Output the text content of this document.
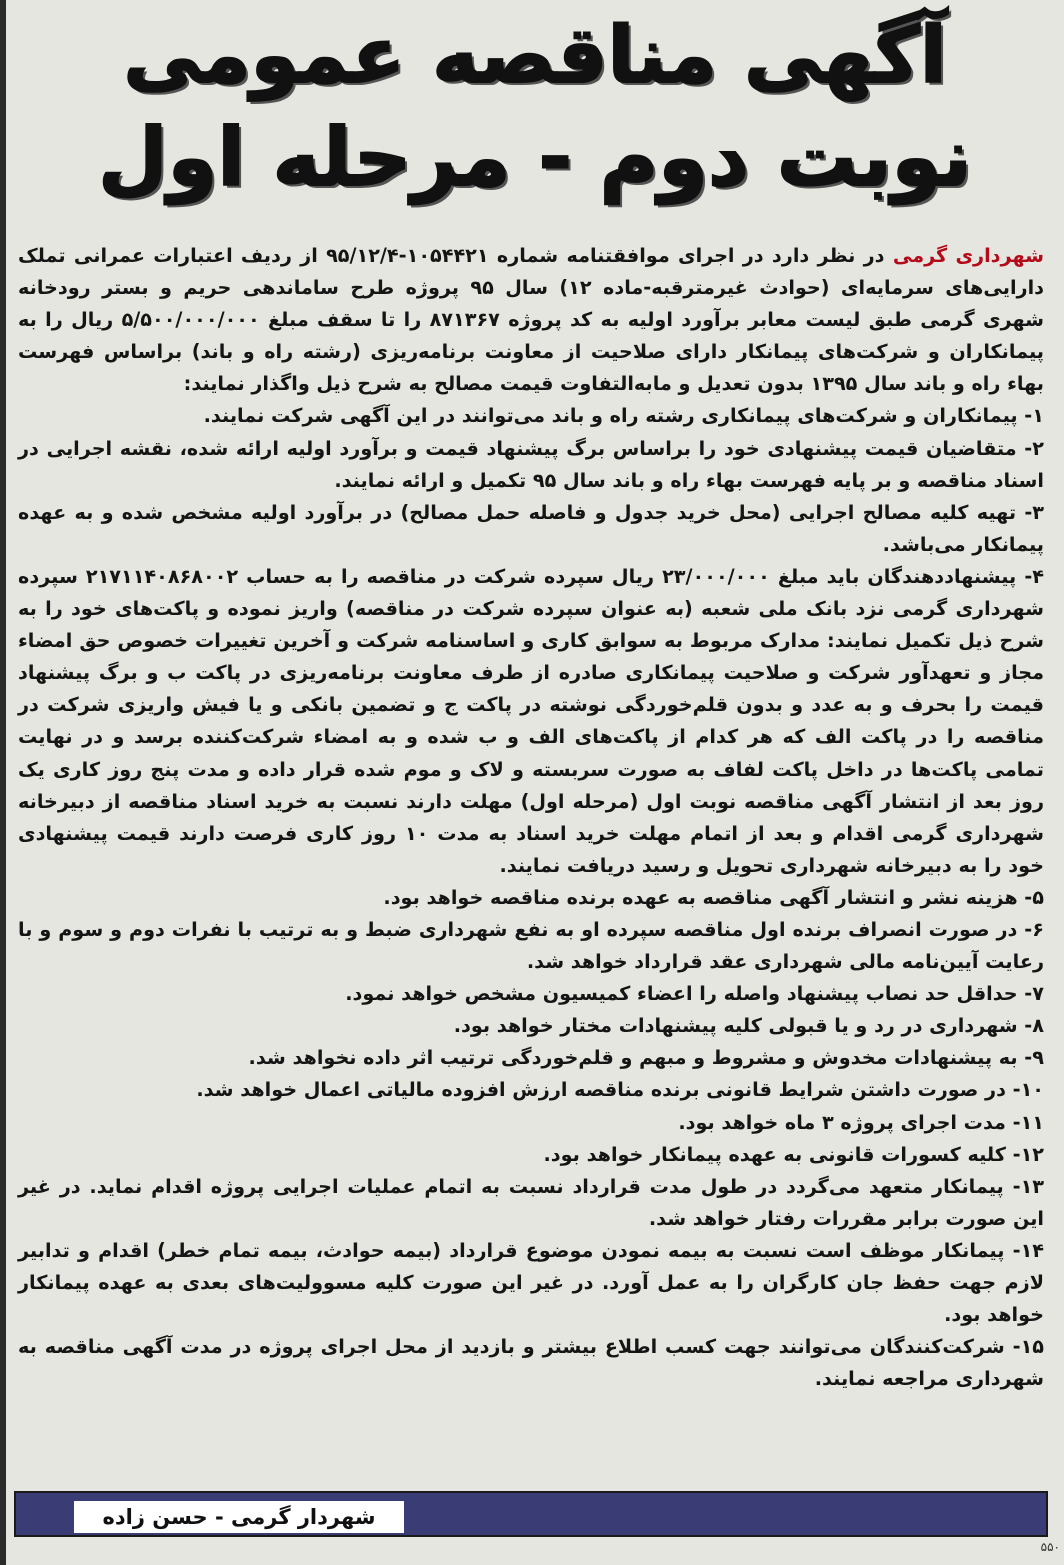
آگهی مناقصه عمومی
نوبت دوم - مرحله اول

شهرداری گرمی در نظر دارد در اجرای موافقتنامه شماره ۱۰۵۴۴۲۱-۹۵/۱۲/۴ از ردیف اعتبارات عمرانی تملک دارایی‌های سرمایه‌ای (حوادث غیرمترقبه-ماده ۱۲) سال ۹۵ پروژه طرح ساماندهی حریم و بستر رودخانه شهری گرمی طبق لیست معابر برآورد اولیه به کد پروژه ۸۷۱۳۶۷ را تا سقف مبلغ ۵/۵۰۰/۰۰۰/۰۰۰ ریال را به پیمانکاران و شرکت‌های پیمانکار دارای صلاحیت از معاونت برنامه‌ریزی (رشته راه و باند) براساس فهرست بهاء راه و باند سال ۱۳۹۵ بدون تعدیل و مابه‌التفاوت قیمت مصالح به شرح ذیل واگذار نمایند:

۱- پیمانکاران و شرکت‌های پیمانکاری رشته راه و باند می‌توانند در این آگهی شرکت نمایند.

۲- متقاضیان قیمت پیشنهادی خود را براساس برگ پیشنهاد قیمت و برآورد اولیه ارائه شده، نقشه اجرایی در اسناد مناقصه و بر پایه فهرست بهاء راه و باند سال ۹۵ تکمیل و ارائه نمایند.

۳- تهیه کلیه مصالح اجرایی (محل خرید جدول و فاصله حمل مصالح) در برآورد اولیه مشخص شده و به عهده پیمانکار می‌باشد.

۴- پیشنهاددهندگان باید مبلغ ۲۳/۰۰۰/۰۰۰ ریال سپرده شرکت در مناقصه را به حساب ۲۱۷۱۱۴۰۸۶۸۰۰۲ سپرده شهرداری گرمی نزد بانک ملی شعبه (به عنوان سپرده شرکت در مناقصه) واریز نموده و پاکت‌های خود را به شرح ذیل تکمیل نمایند: مدارک مربوط به سوابق کاری و اساسنامه شرکت و آخرین تغییرات خصوص حق امضاء مجاز و تعهدآور شرکت و صلاحیت پیمانکاری صادره از طرف معاونت برنامه‌ریزی در پاکت ب و برگ پیشنهاد قیمت را بحرف و به عدد و بدون قلم‌خوردگی نوشته در پاکت ج و تضمین بانکی و یا فیش واریزی شرکت در مناقصه را در پاکت الف که هر کدام از پاکت‌های الف و ب شده و به امضاء شرکت‌کننده برسد و در نهایت تمامی پاکت‌ها در داخل پاکت لفاف به صورت سربسته و لاک و موم شده قرار داده و مدت پنج روز کاری یک روز بعد از انتشار آگهی مناقصه نوبت اول (مرحله اول) مهلت دارند نسبت به خرید اسناد مناقصه از دبیرخانه شهرداری گرمی اقدام و بعد از اتمام مهلت خرید اسناد به مدت ۱۰ روز کاری فرصت دارند قیمت پیشنهادی خود را به دبیرخانه شهرداری تحویل و رسید دریافت نمایند.

۵- هزینه نشر و انتشار آگهی مناقصه به عهده برنده مناقصه خواهد بود.

۶- در صورت انصراف برنده اول مناقصه سپرده او به نفع شهرداری ضبط و به ترتیب با نفرات دوم و سوم و با رعایت آیین‌نامه مالی شهرداری عقد قرارداد خواهد شد.

۷- حداقل حد نصاب پیشنهاد واصله را اعضاء کمیسیون مشخص خواهد نمود.

۸- شهرداری در رد و یا قبولی کلیه پیشنهادات مختار خواهد بود.

۹- به پیشنهادات مخدوش و مشروط و مبهم و قلم‌خوردگی ترتیب اثر داده نخواهد شد.

۱۰- در صورت داشتن شرایط قانونی برنده مناقصه ارزش افزوده مالیاتی اعمال خواهد شد.

۱۱- مدت اجرای پروژه ۳ ماه خواهد بود.

۱۲- کلیه کسورات قانونی به عهده پیمانکار خواهد بود.

۱۳- پیمانکار متعهد می‌گردد در طول مدت قرارداد نسبت به اتمام عملیات اجرایی پروژه اقدام نماید. در غیر این صورت برابر مقررات رفتار خواهد شد.

۱۴- پیمانکار موظف است نسبت به بیمه نمودن موضوع قرارداد (بیمه حوادث، بیمه تمام خطر) اقدام و تدابیر لازم جهت حفظ جان کارگران را به عمل آورد. در غیر این صورت کلیه مسوولیت‌های بعدی به عهده پیمانکار خواهد بود.

۱۵- شرکت‌کنندگان می‌توانند جهت کسب اطلاع بیشتر و بازدید از محل اجرای پروژه در مدت آگهی مناقصه به شهرداری مراجعه نمایند.

شهردار گرمی - حسن زاده
۵۵۰
